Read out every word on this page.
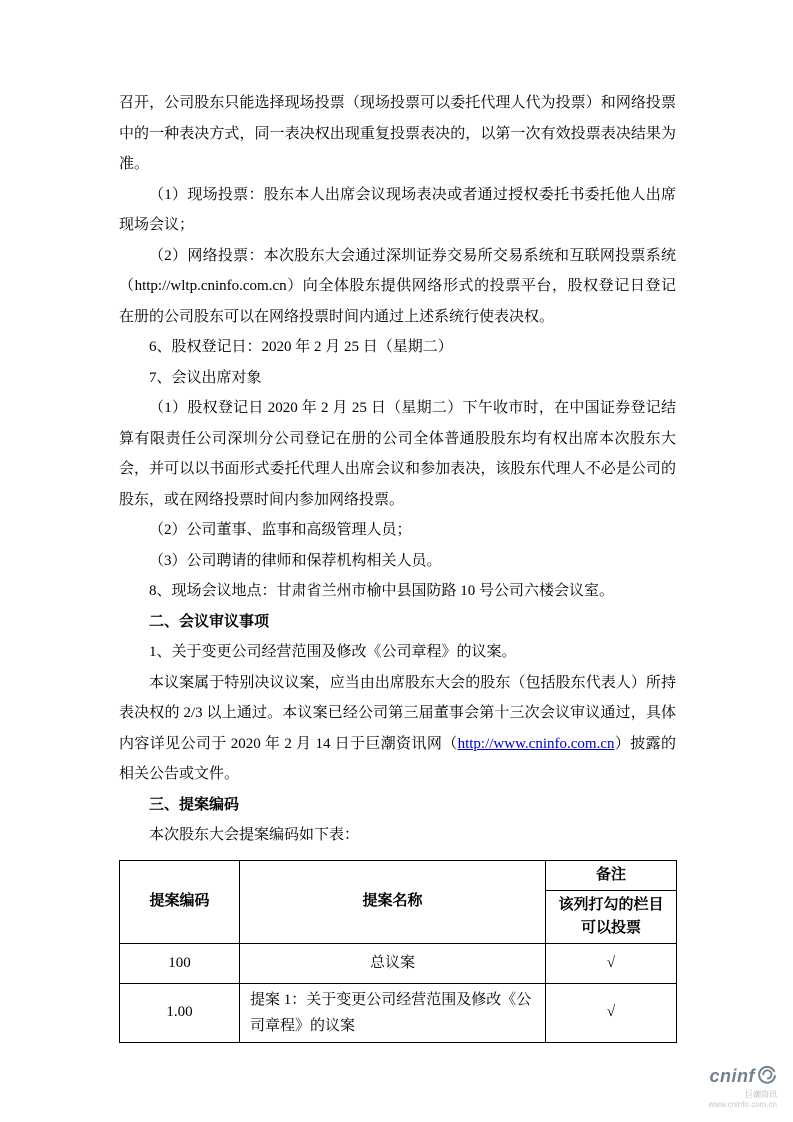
召开，公司股东只能选择现场投票（现场投票可以委托代理人代为投票）和网络投票中的一种表决方式，同一表决权出现重复投票表决的，以第一次有效投票表决结果为准。

（1）现场投票：股东本人出席会议现场表决或者通过授权委托书委托他人出席现场会议；

（2）网络投票：本次股东大会通过深圳证券交易所交易系统和互联网投票系统 （http://wltp.cninfo.com.cn）向全体股东提供网络形式的投票平台，股权登记日登记在册的公司股东可以在网络投票时间内通过上述系统行使表决权。

6、股权登记日：2020 年 2 月 25 日（星期二）

7、会议出席对象

（1）股权登记日 2020 年 2 月 25 日（星期二）下午收市时，在中国证券登记结算有限责任公司深圳分公司登记在册的公司全体普通股股东均有权出席本次股东大会，并可以以书面形式委托代理人出席会议和参加表决，该股东代理人不必是公司的股东，或在网络投票时间内参加网络投票。

（2）公司董事、监事和高级管理人员；

（3）公司聘请的律师和保荐机构相关人员。

8、现场会议地点：甘肃省兰州市榆中县国防路 10 号公司六楼会议室。

二、会议审议事项

1、关于变更公司经营范围及修改《公司章程》的议案。

本议案属于特别决议议案，应当由出席股东大会的股东（包括股东代表人）所持表决权的 2/3 以上通过。本议案已经公司第三届董事会第十三次会议审议通过，具体内容详见公司于 2020 年 2 月 14 日于巨潮资讯网（http://www.cninfo.com.cn）披露的相关公告或文件。

三、提案编码

本次股东大会提案编码如下表：

提案编码	提案名称	备注
		该列打勾的栏目可以投票
100	总议案	√
1.00	提案 1：关于变更公司经营范围及修改《公司章程》的议案	√
cninf
巨潮资讯
www.cninfo.com.cn
